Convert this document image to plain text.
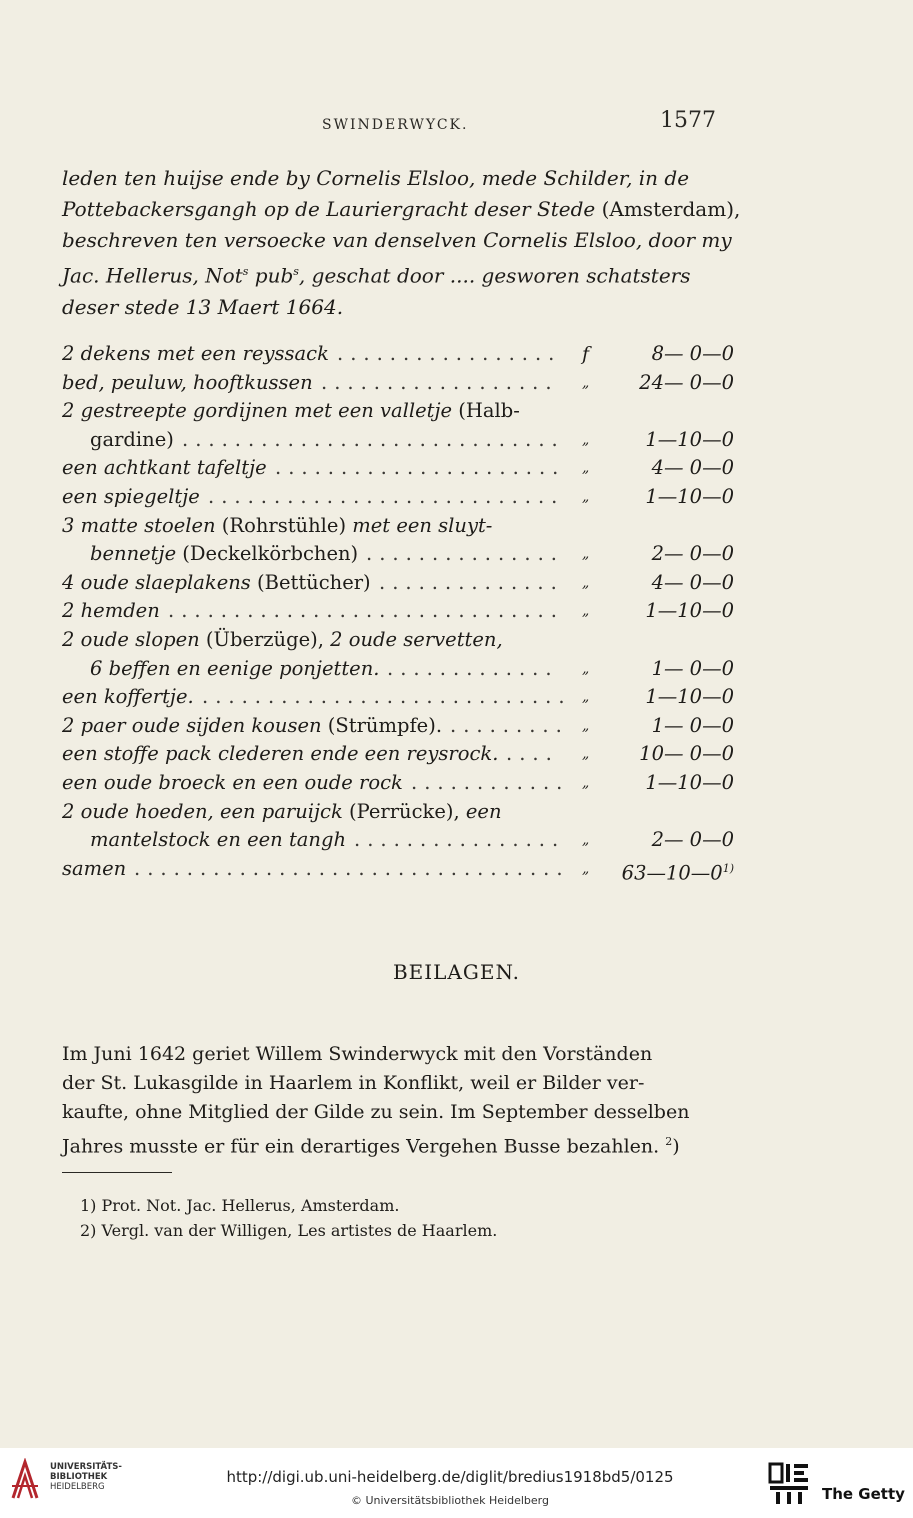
SWINDERWYCK.	1577

leden ten huijse ende by Cornelis Elsloo, mede Schilder, in de

Pottebackersgangh op de Lauriergracht deser Stede (Amsterdam),

beschreven ten versoecke van denselven Cornelis Elsloo, door my

Jac. Hellerus, Not$^s$ pub$^s$, geschat door .... gesworen schatsters

deser stede 13 Maert 1664.

2 dekens met een reyssack ................. f	8— 0—0
bed, peuluw, hooftkussen .................. „	24— 0—0
2 gestreepte gordijnen met een valletje (Halb-
gardine) ............................. „	1—10—0
een achtkant tafeltje ...................... „	4— 0—0
een spiegeltje ........................... „	1—10—0
3 matte stoelen (Rohrstühle) met een sluyt-
bennetje (Deckelkörbchen) ............... „	2— 0—0
4 oude slaeplakens (Bettücher) .............. „	4— 0—0
2 hemden .............................. „	1—10—0
2 oude slopen (Überzüge), 2 oude servetten,
6 beffen en eenige ponjetten. ............. „	1— 0—0
een koffertje. ............................ „	1—10—0
2 paer oude sijden kousen (Strümpfe). ......... „	1— 0—0
een stoffe pack clederen ende een reysrock. .... „	10— 0—0
een oude broeck en een oude rock ............ „	1—10—0
2 oude hoeden, een paruijck (Perrücke), een
mantelstock en een tangh ................ „	2— 0—0
samen ................................. „	63—10—0$^{1)}$
BEILAGEN.

Im Juni 1642 geriet Willem Swinderwyck mit den Vorständen

der St. Lukasgilde in Haarlem in Konflikt, weil er Bilder ver-

kaufte, ohne Mitglied der Gilde zu sein. Im September desselben

Jahres musste er für ein derartiges Vergehen Busse bezahlen. $^2$)

1) Prot. Not. Jac. Hellerus, Amsterdam.
2) Vergl. van der Willigen, Les artistes de Haarlem.
UNIVERSITÄTS-
BIBLIOTHEK
HEIDELBERG
http://digi.ub.uni-heidelberg.de/diglit/bredius1918bd5/0125
© Universitätsbibliothek Heidelberg	The Getty
